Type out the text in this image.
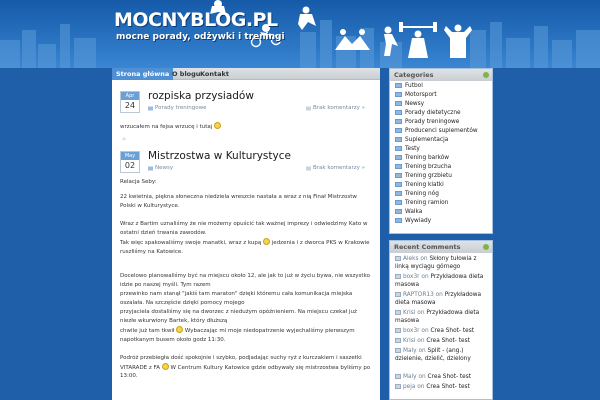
MOCNYBLOG.PL
mocne porady, odżywki i treningi
Strona główna O blogu Kontakt
Apr
24
rozpiska przysiadów
Porady treningowe	Brak komentarzy »
wrzucałem na fejsa wrzucę i tutaj
»
May
02
Mistrzostwa w Kulturystyce
Newsy	Brak komentarzy »
Relacja Seby:
22 kwietnia, piękna słoneczna niedziela wreszcie nastała a wraz z nią Finał Mistrzostw Polski w Kulturystyce.
Wraz z Bartim uznaliśmy że nie możemy opuścić tak ważnej imprezy i odwiedzimy Kato w ostatni dzień trwania zawodów.
Tak więc spakowaliśmy swoje manatki, wraz z kupą jedzenia i z dworca PKS w Krakowie ruszliśmy na Katowice.
Docelowo planowaliśmy być na miejscu około 12, ale jak to już w życiu bywa, nie wszystko idzie po naszej myśli. Tym razem
przewinko nam stanął "jakiś tam maraton" dzięki któremu cała komunikacja miejska oszalała. Na szczęście dzięki pomocy mojego
przyjaciela dostaliśmy się na dworzec z niedużym opóźnieniem. Na miejscu czekał już niezłe wkurwiony Bartek, który dłuższą
chwile już tam tkwił Wybaczając mi moje niedopatrzenie wyjechaliśmy pierwszym napotkanym busem około godz 11:30.
Podróż przebiegła dość spokojnie i szybko, podjadając suchy ryż z kurczakiem i saszetki VITARADE z FA W Centrum Kultury Katowice gdzie odbywały się mistrzostwa byliśmy po 13:00.
Categories
Futbol
Motorsport
Newsy
Porady dietetyczne
Porady treningowe
Producenci suplementów
Suplementacja
Testy
Trening barków
Trening brzucha
Trening grzbietu
Trening klatki
Trening nóg
Trening ramion
Walka
Wywiady
Recent Comments
Aleks on Skłony tułowia z linką wyciągu górnego
box3r on Przykładowa dieta masowa
RAPTOR13 on Przykładowa dieta masowa
Krisi on Przykładowa dieta masowa
box3r on Crea Shot- test
Krisi on Crea Shot- test
Maly on Split - (ang.) dzielenie, dzielić, dzielony
Maly on Crea Shot- test
peja on Crea Shot- test
